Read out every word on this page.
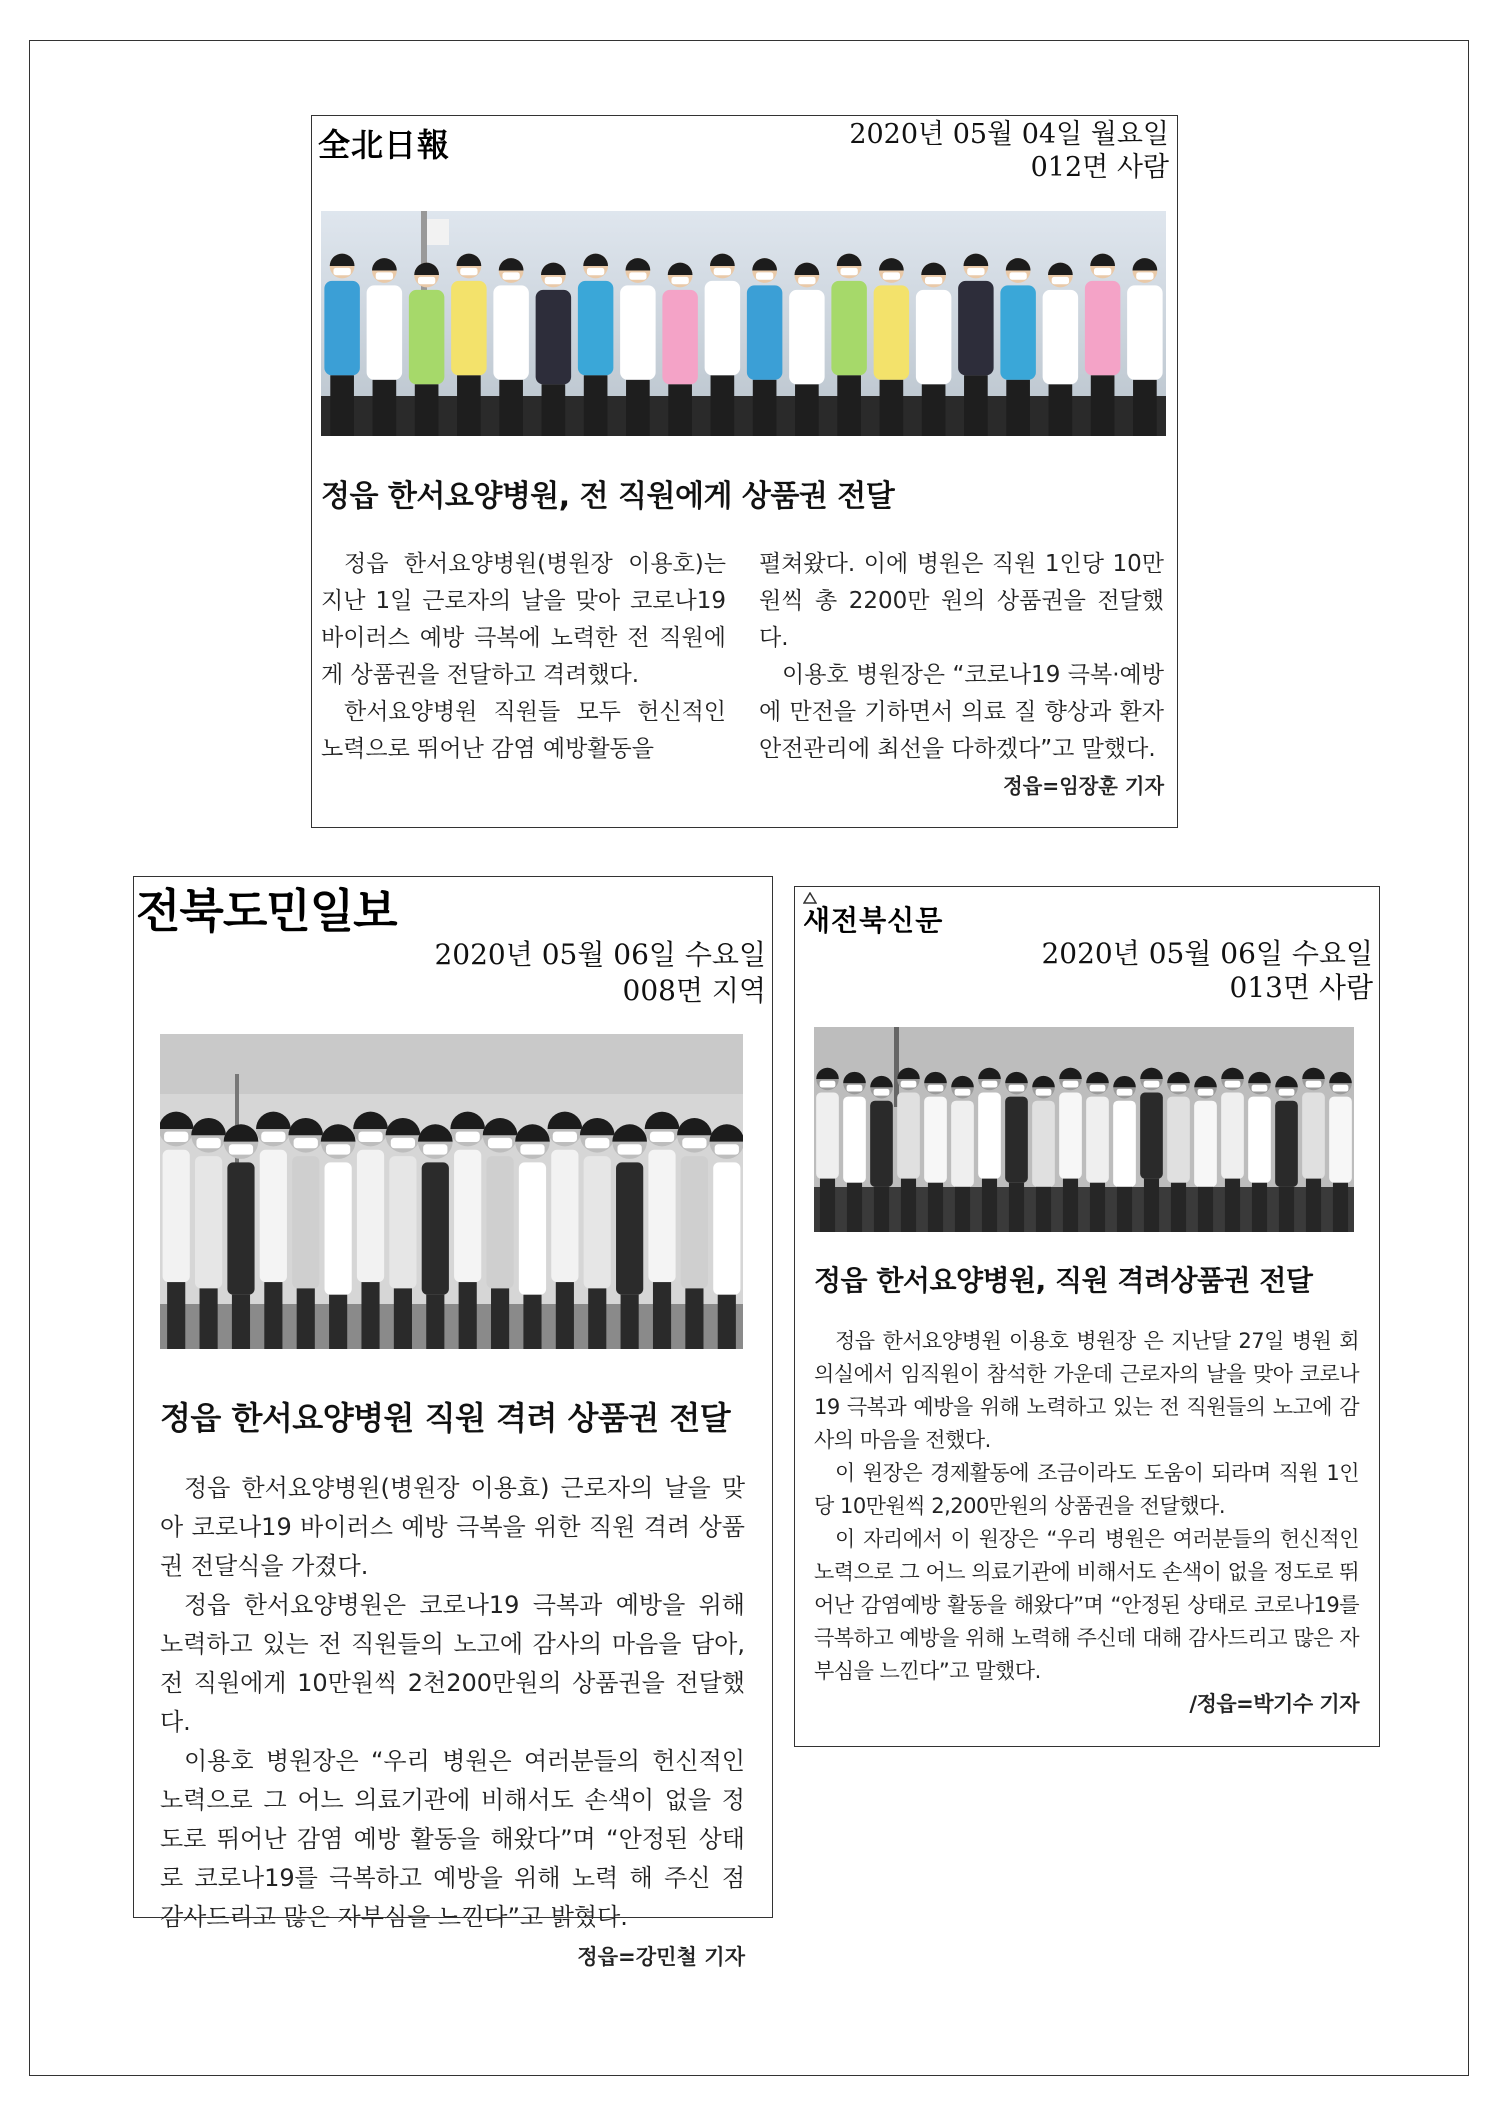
全北日報	2020년 05월 04일 월요일
012면 사람
정읍 한서요양병원, 전 직원에게 상품권 전달

정읍 한서요양병원(병원장 이용호)는 지난 1일 근로자의 날을 맞아 코로나19 바이러스 예방 극복에 노력한 전 직원에게 상품권을 전달하고 격려했다.

한서요양병원 직원들 모두 헌신적인 노력으로 뛰어난 감염 예방활동을

펼쳐왔다. 이에 병원은 직원 1인당 10만 원씩 총 2200만 원의 상품권을 전달했다.

이용호 병원장은 “코로나19 극복·예방에 만전을 기하면서 의료 질 향상과 환자안전관리에 최선을 다하겠다”고 말했다.
정읍=임장훈 기자

전북도민일보
2020년 05월 06일 수요일
008면 지역
정읍 한서요양병원 직원 격려 상품권 전달

정읍 한서요양병원(병원장 이용효) 근로자의 날을 맞아 코로나19 바이러스 예방 극복을 위한 직원 격려 상품권 전달식을 가졌다.

정읍 한서요양병원은 코로나19 극복과 예방을 위해 노력하고 있는 전 직원들의 노고에 감사의 마음을 담아, 전 직원에게 10만원씩 2천200만원의 상품권을 전달했다.

이용호 병원장은 “우리 병원은 여러분들의 헌신적인 노력으로 그 어느 의료기관에 비해서도 손색이 없을 정도로 뛰어난 감염 예방 활동을 해왔다”며 “안정된 상태로 코로나19를 극복하고 예방을 위해 노력 해 주신 점 감사드리고 많은 자부심을 느낀다”고 밝혔다.
정읍=강민철 기자

새전북신문
2020년 05월 06일 수요일
013면 사람
정읍 한서요양병원, 직원 격려상품권 전달

정읍 한서요양병원 이용호 병원장 은 지난달 27일 병원 회의실에서 임직원이 참석한 가운데 근로자의 날을 맞아 코로나19 극복과 예방을 위해 노력하고 있는 전 직원들의 노고에 감사의 마음을 전했다.

이 원장은 경제활동에 조금이라도 도움이 되라며 직원 1인당 10만원씩 2,200만원의 상품권을 전달했다.

이 자리에서 이 원장은 “우리 병원은 여러분들의 헌신적인 노력으로 그 어느 의료기관에 비해서도 손색이 없을 정도로 뛰어난 감염예방 활동을 해왔다”며 “안정된 상태로 코로나19를 극복하고 예방을 위해 노력해 주신데 대해 감사드리고 많은 자부심을 느낀다”고 말했다.

/정읍=박기수 기자
